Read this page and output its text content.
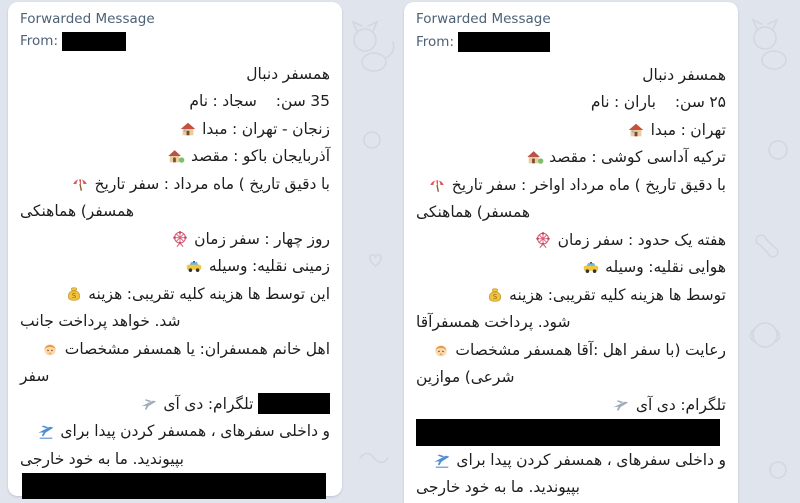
Forwarded Message
From:
دنبال همسفر
نام : سجاد
سن: 35
مبدا : تهران - زنجان
مقصد : باکو آذربایجان
تاریخ سفر : مرداد ماه ( تاریخ دقیق با
هماهنکی همسفر)
زمان سفر : چهار روز
وسیله نقلیه: زمینی
S هزینه تقریبی: کلیه هزینه ها توسط این
جانب پرداخت خواهد شد.
مشخصات همسفر یا همسفران: خانم اهل
سفر
آی دی تلگرام:
برای پیدا کردن همسفر ، سفرهای داخلی و
خارجی خود به ما بپیوندید.
Forwarded Message
From:
دنبال همسفر
نام : باران
سن: ۲۵
مبدا : تهران
مقصد : کوشی آداسی ترکیه
تاریخ سفر : اواخر مرداد ماه ( تاریخ دقیق با
هماهنکی همسفر)
زمان سفر : حدود یک هفته
وسیله نقلیه: هوایی
S هزینه تقریبی: کلیه هزینه ها توسط
همسفرآقا پرداخت شود.
مشخصات همسفر :آقا اهل سفر (با رعایت
موازین شرعی)
آی دی تلگرام:
برای پیدا کردن همسفر ، سفرهای داخلی و
خارجی خود به ما بپیوندید.
